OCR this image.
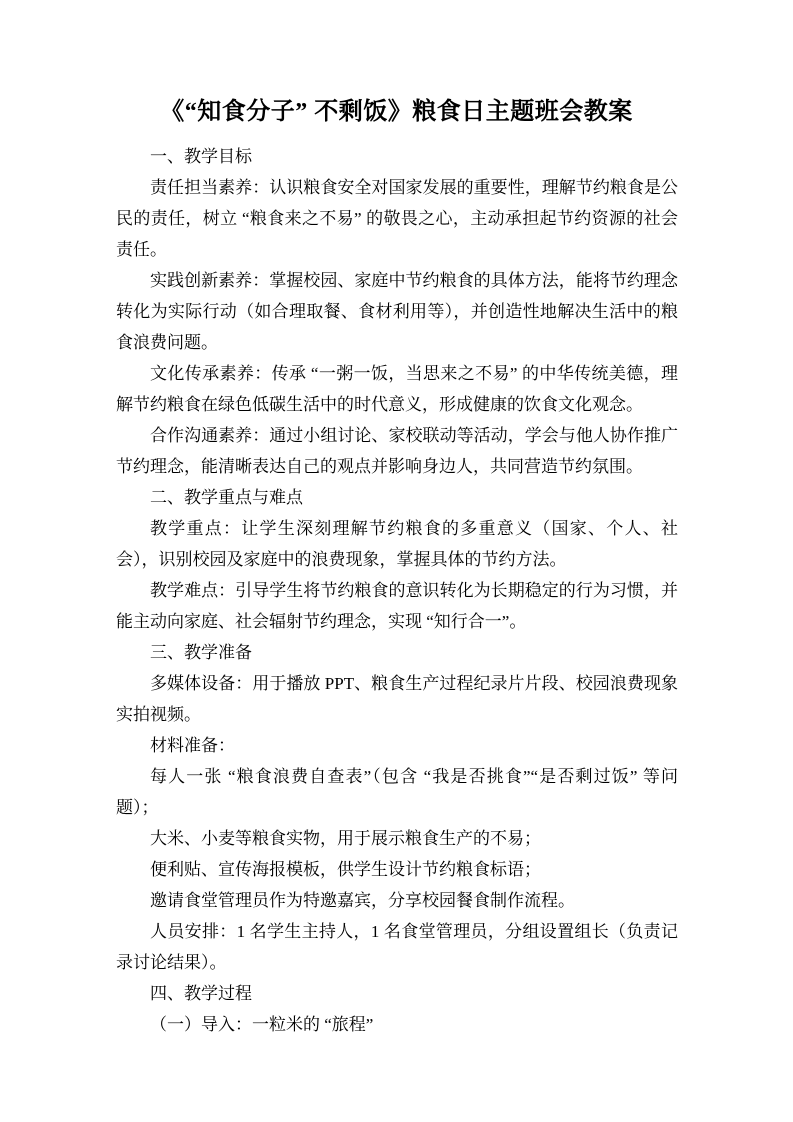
《“知食分子” 不剩饭》粮食日主题班会教案

一、教学目标

责任担当素养：认识粮食安全对国家发展的重要性，理解节约粮食是公民的责任，树立 “粮食来之不易” 的敬畏之心，主动承担起节约资源的社会责任。

实践创新素养：掌握校园、家庭中节约粮食的具体方法，能将节约理念转化为实际行动（如合理取餐、食材利用等），并创造性地解决生活中的粮食浪费问题。

文化传承素养：传承 “一粥一饭，当思来之不易” 的中华传统美德，理解节约粮食在绿色低碳生活中的时代意义，形成健康的饮食文化观念。

合作沟通素养：通过小组讨论、家校联动等活动，学会与他人协作推广节约理念，能清晰表达自己的观点并影响身边人，共同营造节约氛围。

二、教学重点与难点

教学重点：让学生深刻理解节约粮食的多重意义（国家、个人、社会），识别校园及家庭中的浪费现象，掌握具体的节约方法。

教学难点：引导学生将节约粮食的意识转化为长期稳定的行为习惯，并能主动向家庭、社会辐射节约理念，实现 “知行合一”。

三、教学准备

多媒体设备：用于播放 PPT、粮食生产过程纪录片片段、校园浪费现象实拍视频。

材料准备：

每人一张 “粮食浪费自查表”（包含 “我是否挑食”“是否剩过饭” 等问题）；

大米、小麦等粮食实物，用于展示粮食生产的不易；

便利贴、宣传海报模板，供学生设计节约粮食标语；

邀请食堂管理员作为特邀嘉宾，分享校园餐食制作流程。

人员安排：1 名学生主持人，1 名食堂管理员，分组设置组长（负责记录讨论结果）。

四、教学过程

（一）导入：一粒米的 “旅程”
